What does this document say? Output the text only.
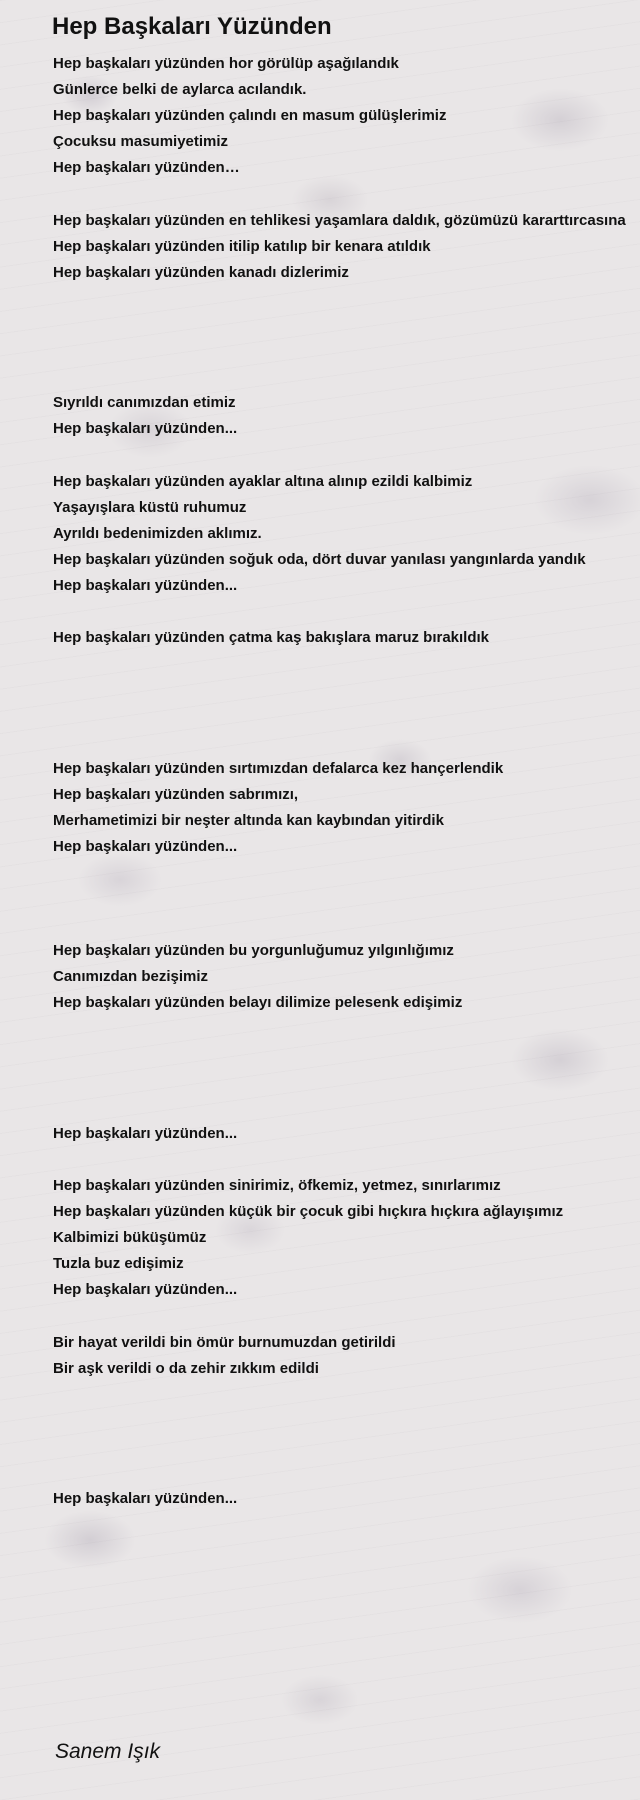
Hep Başkaları Yüzünden
Hep başkaları yüzünden hor görülüp aşağılandık
Günlerce belki de aylarca acılandık.
Hep başkaları yüzünden çalındı en masum gülüşlerimiz
Çocuksu masumiyetimiz
Hep başkaları yüzünden…
Hep başkaları yüzünden en tehlikesi yaşamlara daldık, gözümüzü kararttırcasına
Hep başkaları yüzünden itilip katılıp bir kenara atıldık
Hep başkaları yüzünden kanadı dizlerimiz
Sıyrıldı canımızdan etimiz
Hep başkaları yüzünden...
Hep başkaları yüzünden ayaklar altına alınıp ezildi kalbimiz
Yaşayışlara küstü ruhumuz
Ayrıldı bedenimizden aklımız.
Hep başkaları yüzünden soğuk oda, dört duvar yanılası yangınlarda yandık
Hep başkaları yüzünden...
Hep başkaları yüzünden çatma kaş bakışlara maruz bırakıldık
Hep başkaları yüzünden sırtımızdan defalarca kez hançerlendik
Hep başkaları yüzünden sabrımızı,
Merhametimizi bir neşter altında kan kaybından yitirdik
Hep başkaları yüzünden...
Hep başkaları yüzünden bu yorgunluğumuz yılgınlığımız
Canımızdan bezişimiz
Hep başkaları yüzünden belayı dilimize pelesenk edişimiz
Hep başkaları yüzünden...
Hep başkaları yüzünden sinirimiz, öfkemiz, yetmez, sınırlarımız
Hep başkaları yüzünden küçük bir çocuk gibi hıçkıra hıçkıra ağlayışımız
Kalbimizi büküşümüz
Tuzla buz edişimiz
Hep başkaları yüzünden...
Bir hayat verildi bin ömür burnumuzdan getirildi
Bir aşk verildi o da zehir zıkkım edildi
Hep başkaları yüzünden...
Sanem Işık
